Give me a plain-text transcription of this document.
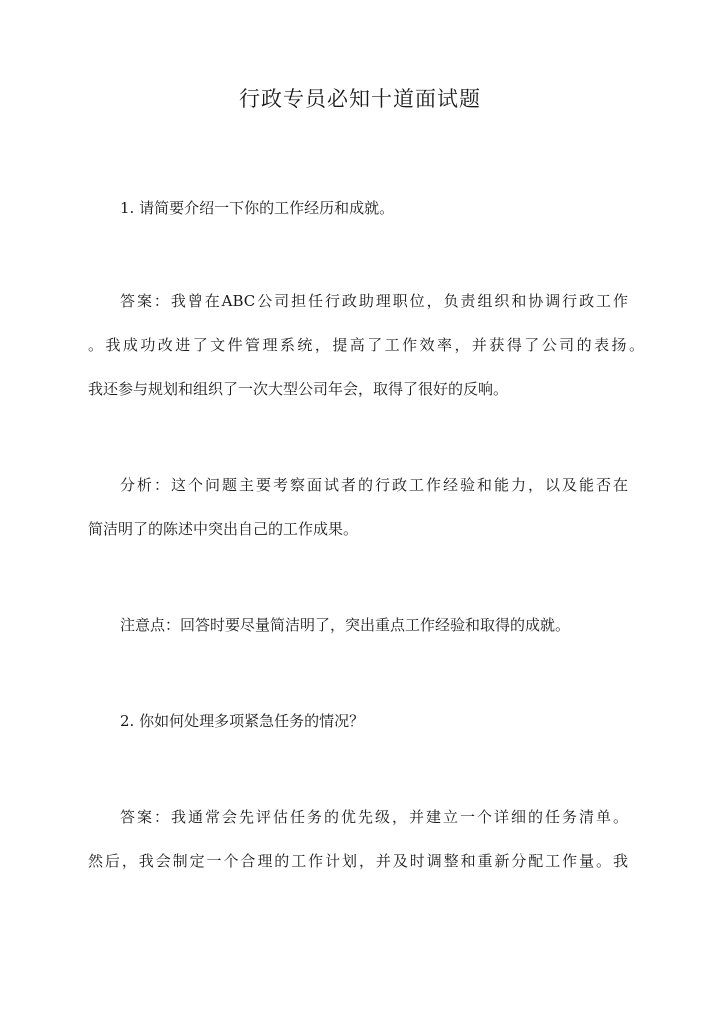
行政专员必知十道面试题

1. 请简要介绍一下你的工作经历和成就。

答案：我曾在ABC公司担任行政助理职位，负责组织和协调行政工作

。我成功改进了文件管理系统，提高了工作效率，并获得了公司的表扬。

我还参与规划和组织了一次大型公司年会，取得了很好的反响。

分析：这个问题主要考察面试者的行政工作经验和能力，以及能否在

简洁明了的陈述中突出自己的工作成果。

注意点：回答时要尽量简洁明了，突出重点工作经验和取得的成就。

2. 你如何处理多项紧急任务的情况？

答案：我通常会先评估任务的优先级，并建立一个详细的任务清单。

然后，我会制定一个合理的工作计划，并及时调整和重新分配工作量。我
